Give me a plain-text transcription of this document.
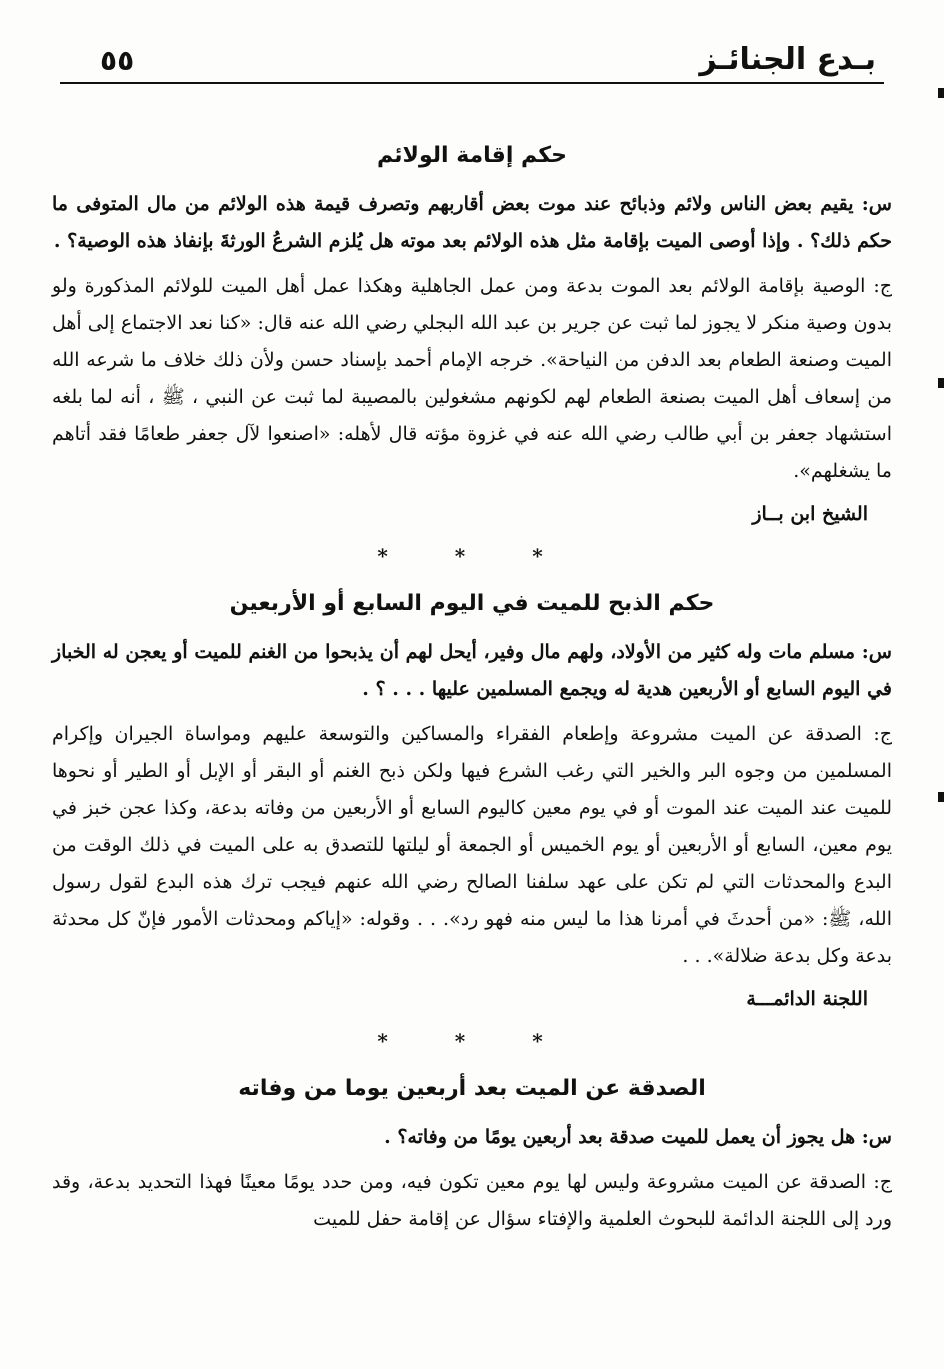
بـدع الجنائـز
٥٥
حكم إقامة الولائم

س: يقيم بعض الناس ولائم وذبائح عند موت بعض أقاربهم وتصرف قيمة هذه الولائم من مال المتوفى ما حكم ذلك؟ . وإذا أوصى الميت بإقامة مثل هذه الولائم بعد موته هل يُلزم الشرعُ الورثةَ بإنفاذ هذه الوصية؟ .

ج: الوصية بإقامة الولائم بعد الموت بدعة ومن عمل الجاهلية وهكذا عمل أهل الميت للولائم المذكورة ولو بدون وصية منكر لا يجوز لما ثبت عن جرير بن عبد الله البجلي رضي الله عنه قال: «كنا نعد الاجتماع إلى أهل الميت وصنعة الطعام بعد الدفن من النياحة». خرجه الإمام أحمد بإسناد حسن ولأن ذلك خلاف ما شرعه الله من إسعاف أهل الميت بصنعة الطعام لهم لكونهم مشغولين بالمصيبة لما ثبت عن النبي ، ﷺ ، أنه لما بلغه استشهاد جعفر بن أبي طالب رضي الله عنه في غزوة مؤته قال لأهله: «اصنعوا لآل جعفر طعامًا فقد أتاهم ما يشغلهم».

الشيخ ابن بــاز
* * *
حكم الذبح للميت في اليوم السابع أو الأربعين

س: مسلم مات وله كثير من الأولاد، ولهم مال وفير، أيحل لهم أن يذبحوا من الغنم للميت أو يعجن له الخباز في اليوم السابع أو الأربعين هدية له ويجمع المسلمين عليها . . . ؟ .

ج: الصدقة عن الميت مشروعة وإطعام الفقراء والمساكين والتوسعة عليهم ومواساة الجيران وإكرام المسلمين من وجوه البر والخير التي رغب الشرع فيها ولكن ذبح الغنم أو البقر أو الإبل أو الطير أو نحوها للميت عند الميت عند الموت أو في يوم معين كاليوم السابع أو الأربعين من وفاته بدعة، وكذا عجن خبز في يوم معين، السابع أو الأربعين أو يوم الخميس أو الجمعة أو ليلتها للتصدق به على الميت في ذلك الوقت من البدع والمحدثات التي لم تكن على عهد سلفنا الصالح رضي الله عنهم فيجب ترك هذه البدع لقول رسول الله، ﷺ: «من أحدثَ في أمرنا هذا ما ليس منه فهو رد». . . وقوله: «إياكم ومحدثات الأمور فإنّ كل محدثة بدعة وكل بدعة ضلالة». . .

اللجنة الدائمـــة
* * *
الصدقة عن الميت بعد أربعين يوما من وفاته

س: هل يجوز أن يعمل للميت صدقة بعد أربعين يومًا من وفاته؟ .

ج: الصدقة عن الميت مشروعة وليس لها يوم معين تكون فيه، ومن حدد يومًا معينًا فهذا التحديد بدعة، وقد ورد إلى اللجنة الدائمة للبحوث العلمية والإفتاء سؤال عن إقامة حفل للميت
